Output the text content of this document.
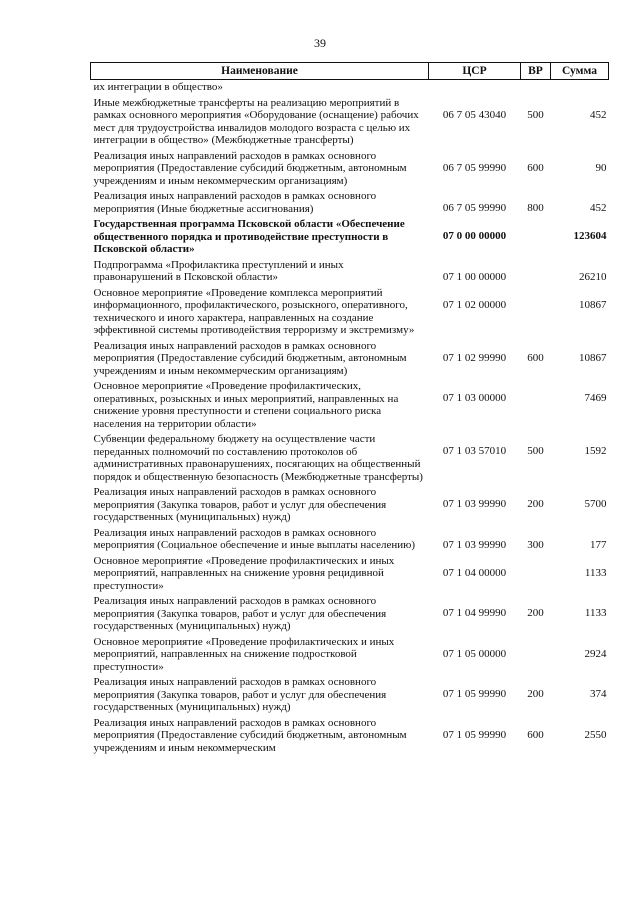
39
Наименование	ЦСР	ВР	Сумма
их интеграции в общество»			
Иные межбюджетные трансферты на реализацию мероприятий в рамках основного мероприятия «Оборудование (оснащение) рабочих мест для трудоустройства инвалидов молодого возраста с целью их интеграции в общество» (Межбюджетные трансферты)	06 7 05 43040	500	452
Реализация иных направлений расходов в рамках основного мероприятия (Предоставление субсидий бюджетным, автономным учреждениям и иным некоммерческим организациям)	06 7 05 99990	600	90
Реализация иных направлений расходов в рамках основного мероприятия (Иные бюджетные ассигнования)	06 7 05 99990	800	452
Государственная программа Псковской области «Обеспечение общественного порядка и противодействие преступности в Псковской области»	07 0 00 00000		123604
Подпрограмма «Профилактика преступлений и иных правонарушений в Псковской области»	07 1 00 00000		26210
Основное мероприятие «Проведение комплекса мероприятий информационного, профилактического, розыскного, оперативного, технического и иного характера, направленных на создание эффективной системы противодействия терроризму и экстремизму»	07 1 02 00000		10867
Реализация иных направлений расходов в рамках основного мероприятия (Предоставление субсидий бюджетным, автономным учреждениям и иным некоммерческим организациям)	07 1 02 99990	600	10867
Основное мероприятие «Проведение профилактических, оперативных, розыскных и иных мероприятий, направленных на снижение уровня преступности и степени социального риска населения на территории области»	07 1 03 00000		7469
Субвенции федеральному бюджету на осуществление части переданных полномочий по составлению протоколов об административных правонарушениях, посягающих на общественный порядок и общественную безопасность (Межбюджетные трансферты)	07 1 03 57010	500	1592
Реализация иных направлений расходов в рамках основного мероприятия (Закупка товаров, работ и услуг для обеспечения государственных (муниципальных) нужд)	07 1 03 99990	200	5700
Реализация иных направлений расходов в рамках основного мероприятия (Социальное обеспечение и иные выплаты населению)	07 1 03 99990	300	177
Основное мероприятие «Проведение профилактических и иных мероприятий, направленных на снижение уровня рецидивной преступности»	07 1 04 00000		1133
Реализация иных направлений расходов в рамках основного мероприятия (Закупка товаров, работ и услуг для обеспечения государственных (муниципальных) нужд)	07 1 04 99990	200	1133
Основное мероприятие «Проведение профилактических и иных мероприятий, направленных на снижение подростковой преступности»	07 1 05 00000		2924
Реализация иных направлений расходов в рамках основного мероприятия (Закупка товаров, работ и услуг для обеспечения государственных (муниципальных) нужд)	07 1 05 99990	200	374
Реализация иных направлений расходов в рамках основного мероприятия (Предоставление субсидий бюджетным, автономным учреждениям и иным некоммерческим	07 1 05 99990	600	2550
